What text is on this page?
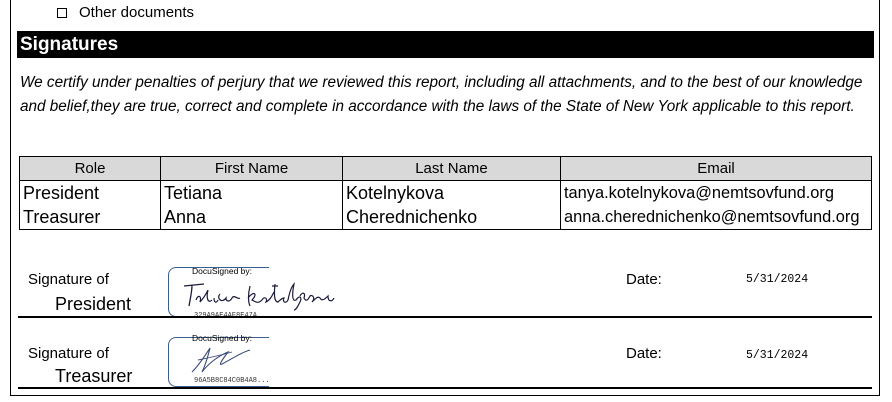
Other documents
Signatures
We certify under penalties of perjury that we reviewed this report, including all attachments, and to the best of our knowledge and belief,they are true, correct and complete in accordance with the laws of the State of New York applicable to this report.
Role	First Name	Last Name	Email
President	Tetiana	Kotelnykova	tanya.kotelnykova@nemtsovfund.org
Treasurer	Anna	Cherednichenko	anna.cherednichenko@nemtsovfund.org
Signature of
President
DocuSigned by:	Date:	5/31/2024
Signature of
Treasurer
DocuSigned by:
96A5B8C84C0B4A8...
Date:	5/31/2024
